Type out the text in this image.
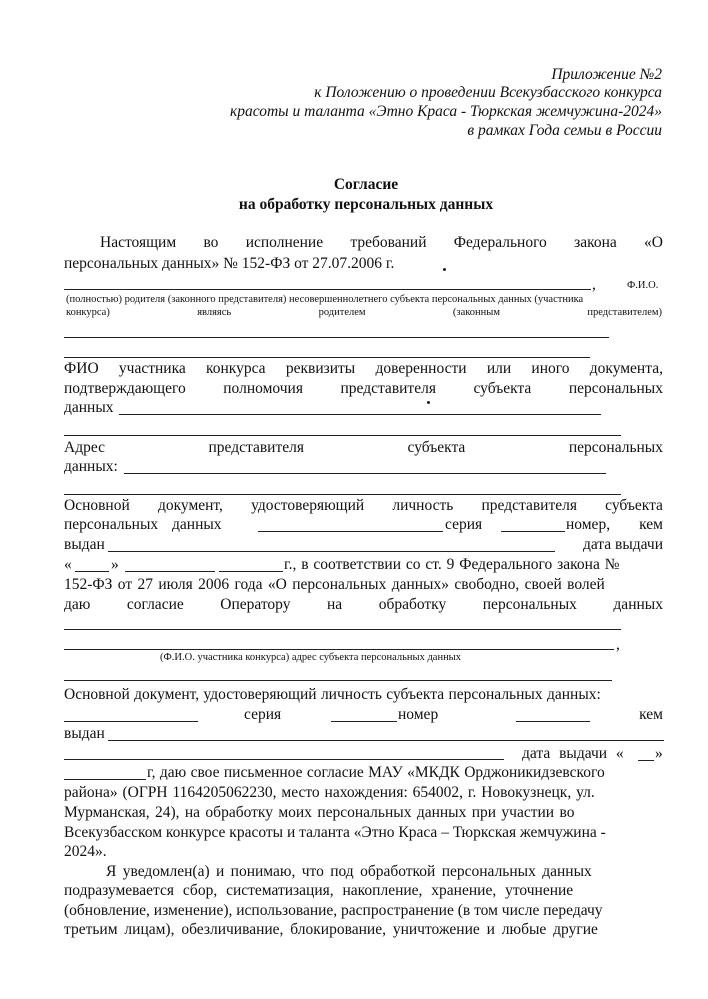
Приложение №2
к Положению о проведении Всекузбасского конкурса
красоты и таланта «Этно Краса - Тюркская жемчужина-2024»
в рамках Года семьи в России
Согласие
на обработку персональных данных
Настоящим во исполнение требований Федерального закона «О
персональных данных» № 152-ФЗ от 27.07.2006 г.
,	Ф.И.О.
(полностью) родителя (законного представителя) несовершеннолетнего субъекта персональных данных (участника
конкурса)	являясь	родителем	(законным	представителем)
ФИО участника конкурса реквизиты доверенности или иного документа,
подтверждающего полномочия представителя субъекта персональных
данных
Адрес	представителя	субъекта	персональных
данных:
Основной документ, удостоверяющий личность представителя субъекта
персональных данных	серия	номер, кем
выдан	дата выдачи
«	»	г., в соответствии со ст. 9 Федерального закона №
152-ФЗ от 27 июля 2006 года «О персональных данных» свободно, своей волей
даю согласие Оператору на обработку персональных данных
,
(Ф.И.О. участника конкурса) адрес субъекта персональных данных
Основной документ, удостоверяющий личность субъекта персональных данных:
серия	номер	кем
выдан
дата выдачи « »
г, даю свое письменное согласие МАУ «МКДК Орджоникидзевского
района» (ОГРН 1164205062230, место нахождения: 654002, г. Новокузнецк, ул.
Мурманская, 24), на обработку моих персональных данных при участии во
Всекузбасском конкурсе красоты и таланта «Этно Краса – Тюркская жемчужина -
2024».
Я уведомлен(а) и понимаю, что под обработкой персональных данных
подразумевается сбор, систематизация, накопление, хранение, уточнение
(обновление, изменение), использование, распространение (в том числе передачу
третьим лицам), обезличивание, блокирование, уничтожение и любые другие
